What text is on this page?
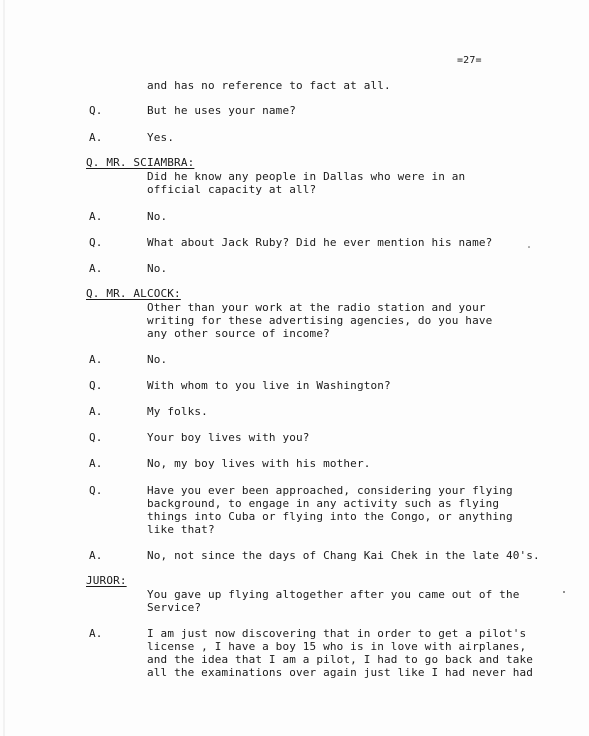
=27=
and has no reference to fact at all.
Q.	But he uses your name?
A.	Yes.
Q. MR. SCIAMBRA:
Did he know any people in Dallas who were in an
official capacity at all?
A.	No.
Q.	What about Jack Ruby? Did he ever mention his name?
A.	No.
Q. MR. ALCOCK:
Other than your work at the radio station and your
writing for these advertising agencies, do you have
any other source of income?
A.	No.
Q.	With whom to you live in Washington?
A.	My folks.
Q.	Your boy lives with you?
A.	No, my boy lives with his mother.
Q.	Have you ever been approached, considering your flying
background, to engage in any activity such as flying
things into Cuba or flying into the Congo, or anything
like that?
A.	No, not since the days of Chang Kai Chek in the late 40's.
JUROR:
You gave up flying altogether after you came out of the
Service?
A.	I am just now discovering that in order to get a pilot's
license , I have a boy 15 who is in love with airplanes,
and the idea that I am a pilot, I had to go back and take
all the examinations over again just like I had never had
